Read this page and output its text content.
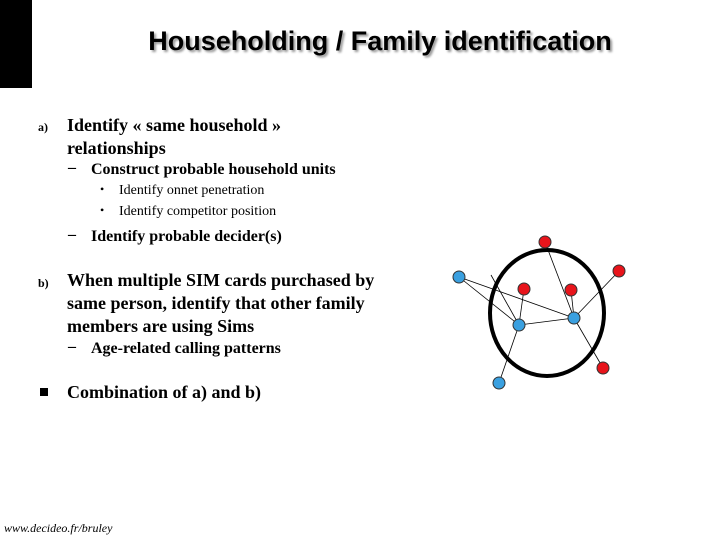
Householding / Family identification
a) Identify « same household »
relationships
– Construct probable household units
• Identify onnet penetration
• Identify competitor position
– Identify probable decider(s)
b) When multiple SIM cards purchased by
same person, identify that other family
members are using Sims
– Age-related calling patterns
Combination of a) and b)
www.decideo.fr/bruley
